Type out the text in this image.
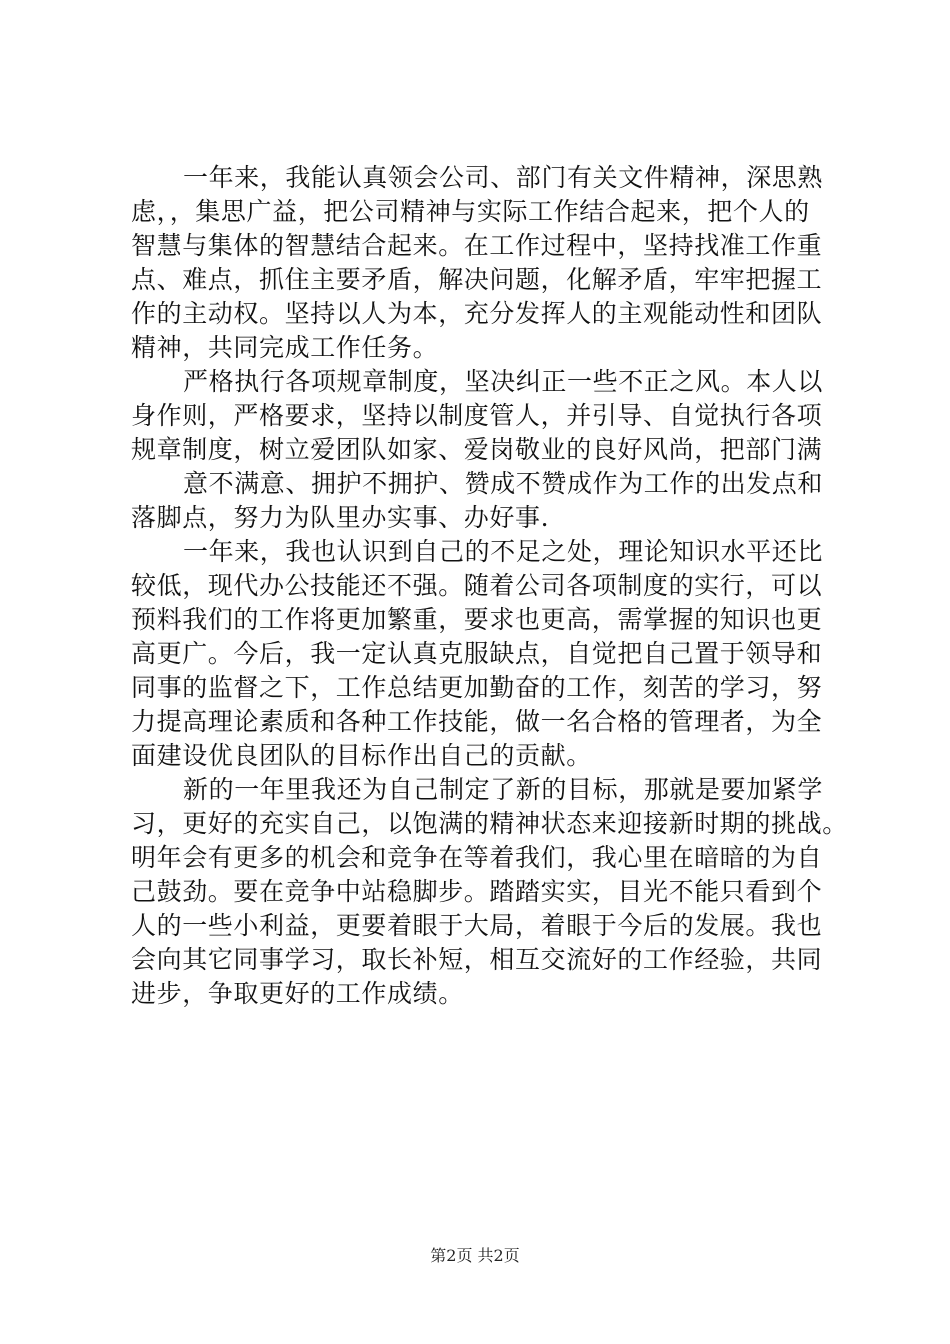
一年来，我能认真领会公司、部门有关文件精神，深思熟
虑，，集思广益，把公司精神与实际工作结合起来，把个人的
智慧与集体的智慧结合起来。在工作过程中，坚持找准工作重
点、难点，抓住主要矛盾，解决问题，化解矛盾，牢牢把握工
作的主动权。坚持以人为本，充分发挥人的主观能动性和团队
精神，共同完成工作任务。
严格执行各项规章制度，坚决纠正一些不正之风。本人以
身作则，严格要求，坚持以制度管人，并引导、自觉执行各项
规章制度，树立爱团队如家、爱岗敬业的良好风尚，把部门满
意不满意、拥护不拥护、赞成不赞成作为工作的出发点和
落脚点，努力为队里办实事、办好事.
一年来，我也认识到自己的不足之处，理论知识水平还比
较低，现代办公技能还不强。随着公司各项制度的实行，可以
预料我们的工作将更加繁重，要求也更高，需掌握的知识也更
高更广。今后，我一定认真克服缺点，自觉把自己置于领导和
同事的监督之下，工作总结更加勤奋的工作，刻苦的学习，努
力提高理论素质和各种工作技能，做一名合格的管理者，为全
面建设优良团队的目标作出自己的贡献。
新的一年里我还为自己制定了新的目标，那就是要加紧学
习，更好的充实自己，以饱满的精神状态来迎接新时期的挑战。
明年会有更多的机会和竞争在等着我们，我心里在暗暗的为自
己鼓劲。要在竞争中站稳脚步。踏踏实实，目光不能只看到个
人的一些小利益，更要着眼于大局，着眼于今后的发展。我也
会向其它同事学习，取长补短，相互交流好的工作经验，共同
进步，争取更好的工作成绩。
第2页 共2页
